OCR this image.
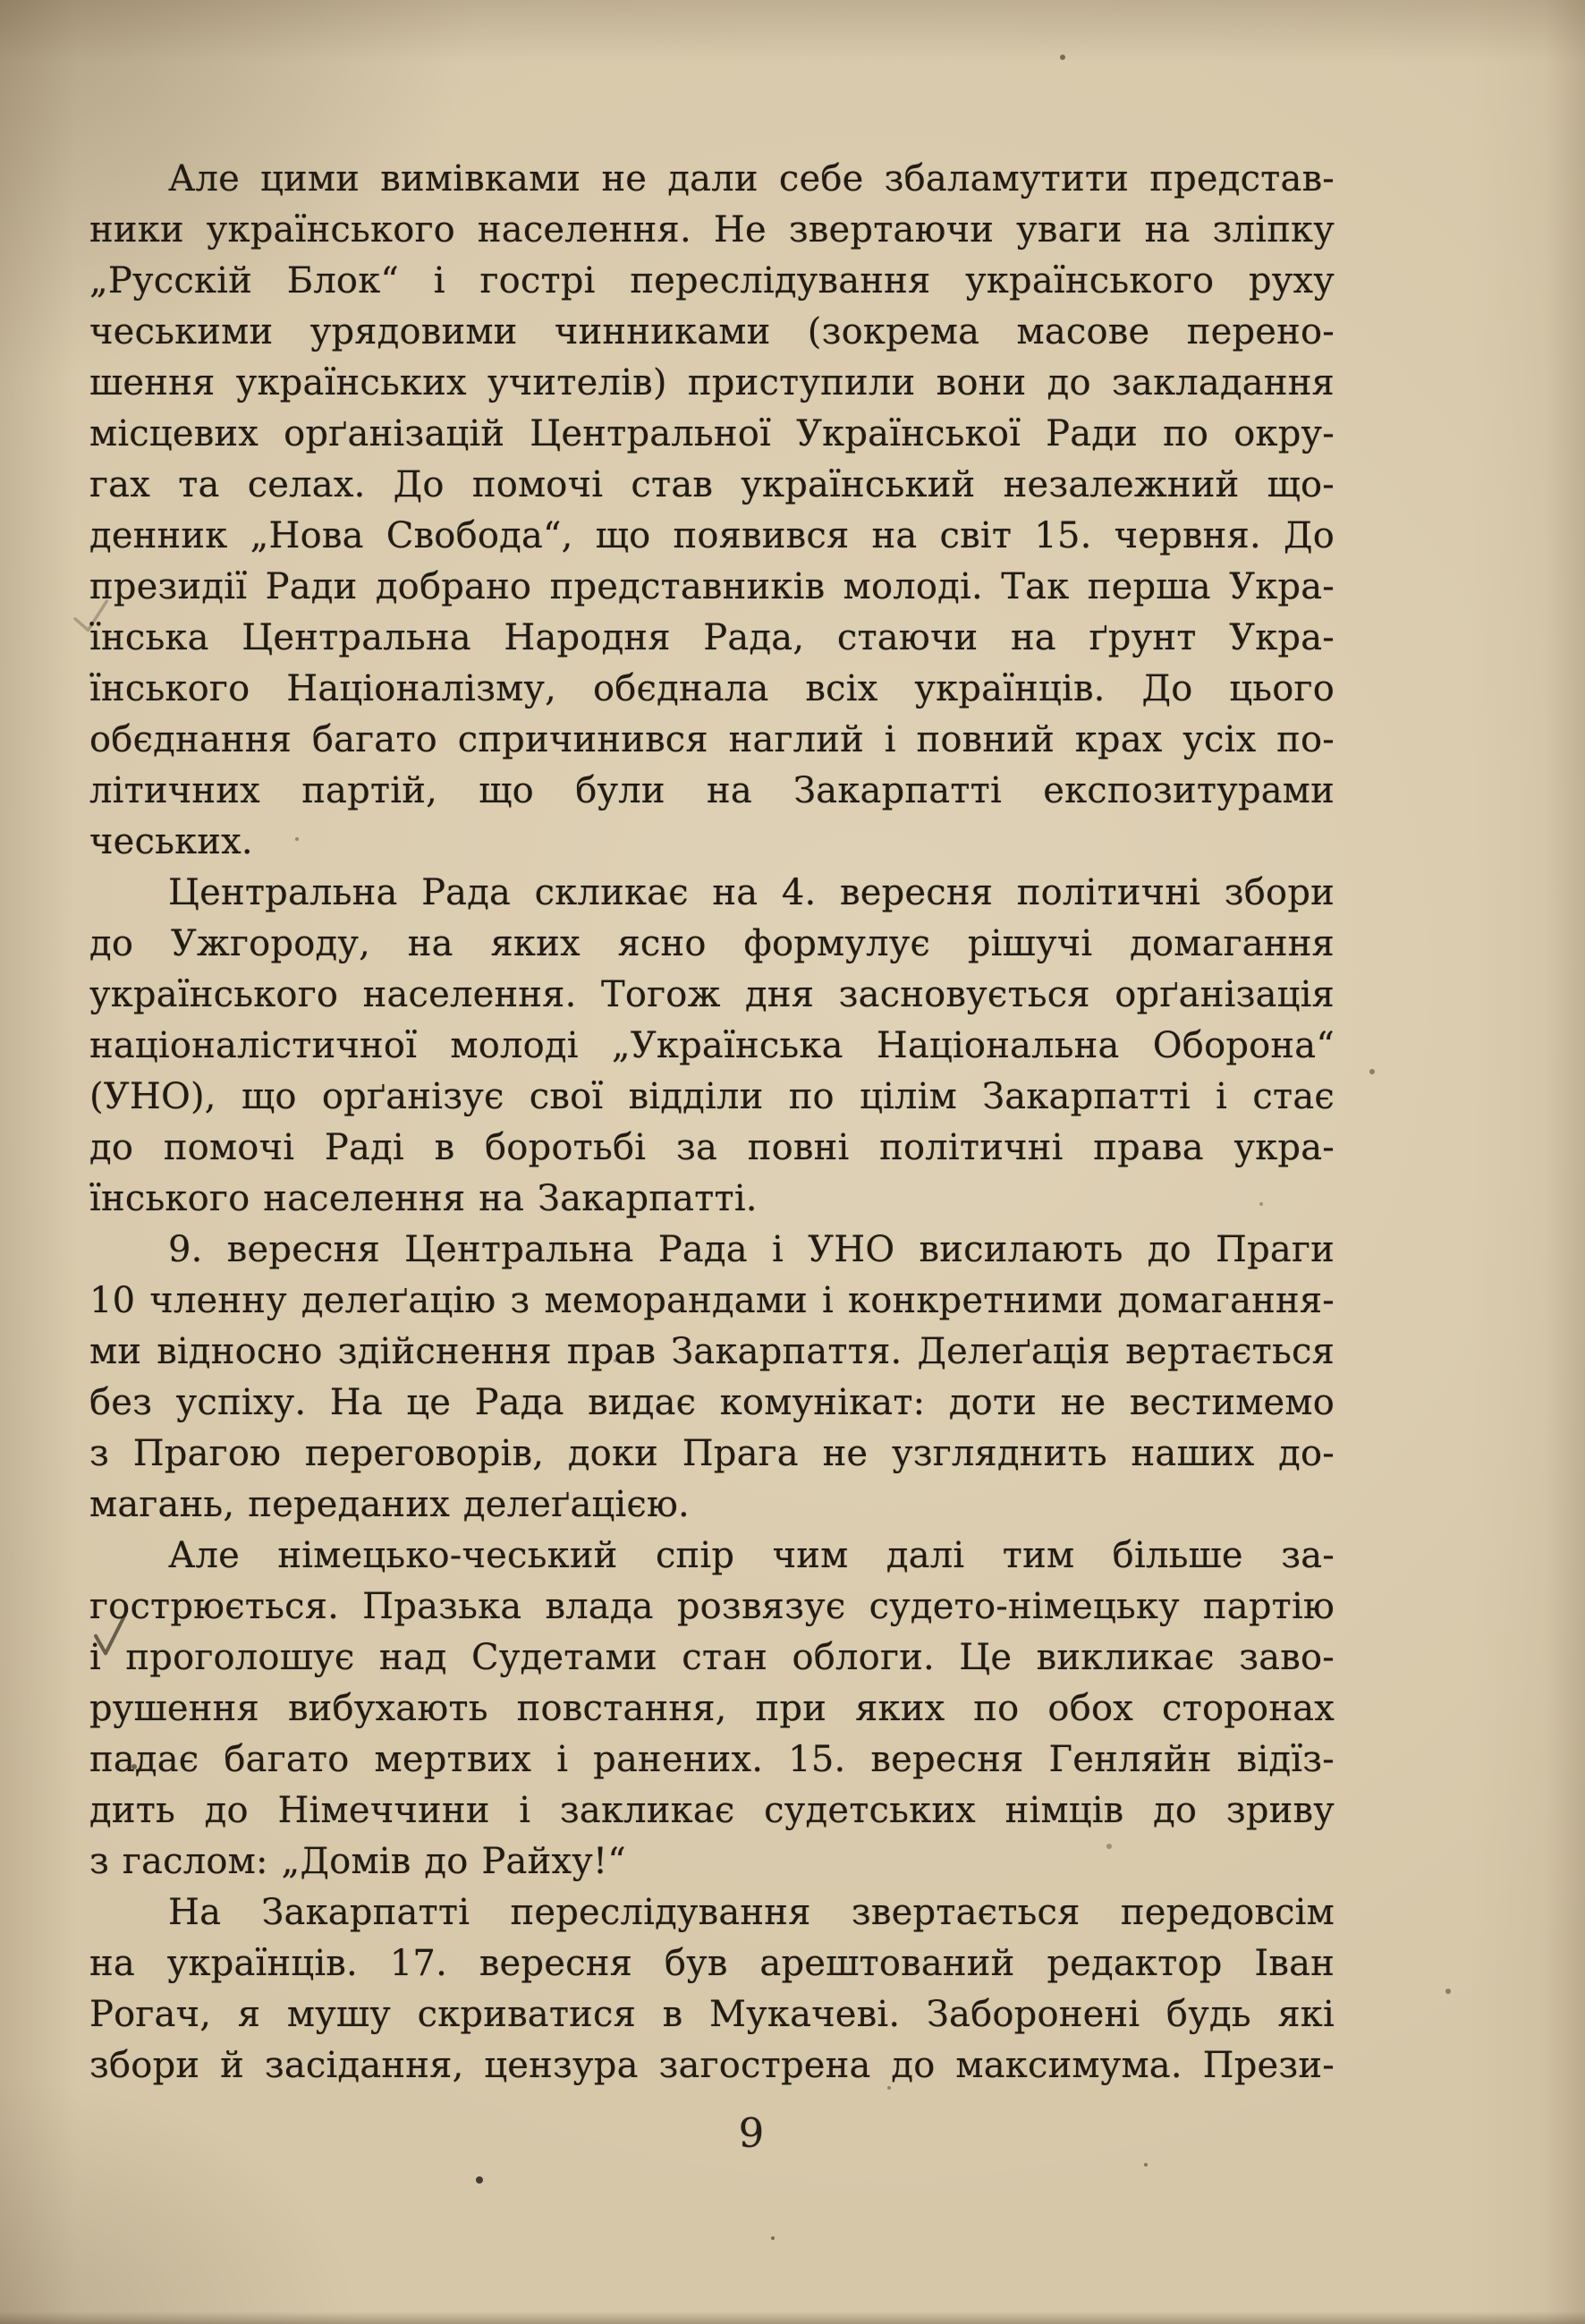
Але цими вимівками не дали себе збаламутити представ-
ники українського населення. Не звертаючи уваги на зліпку
„Русскій Блок“ і гострі переслідування українського руху
чеськими урядовими чинниками (зокрема масове перено-
шення українських учителів) приступили вони до закладання
місцевих орґанізацій Центральної Української Ради по окру-
гах та селах. До помочі став український незалежний що-
денник „Нова Свобода“, що появився на світ 15. червня. До
президії Ради добрано представників молоді. Так перша Укра-
їнська Центральна Народня Рада, стаючи на ґрунт Укра-
їнського Націоналізму, обєднала всіх українців. До цього
обєднання багато спричинився наглий і повний крах усіх по-
літичних партій, що були на Закарпатті експозитурами
чеських.
Центральна Рада скликає на 4. вересня політичні збори
до Ужгороду, на яких ясно формулує рішучі домагання
українського населення. Тогож дня засновується орґанізація
націоналістичної молоді „Українська Національна Оборона“
(УНО), що орґанізує свої відділи по цілім Закарпатті і стає
до помочі Раді в боротьбі за повні політичні права укра-
їнського населення на Закарпатті.
9. вересня Центральна Рада і УНО висилають до Праги
10 членну делеґацію з меморандами і конкретними домагання-
ми відносно здійснення прав Закарпаття. Делеґація вертається
без успіху. На це Рада видає комунікат: доти не вестимемо
з Прагою переговорів, доки Прага не узгляднить наших до-
магань, переданих делеґацією.
Але німецько-чеський спір чим далі тим більше за-
гострюється. Празька влада розвязує судето-німецьку партію
і проголошує над Судетами стан облоги. Це викликає заво-
рушення вибухають повстання, при яких по обох сторонах
падає багато мертвих і ранених. 15. вересня Генляйн відїз-
дить до Німеччини і закликає судетських німців до зриву
з гаслом: „Домів до Райху!“
На Закарпатті переслідування звертається передовсім
на українців. 17. вересня був арештований редактор Іван
Рогач, я мушу скриватися в Мукачеві. Заборонені будь які
збори й засідання, цензура загострена до максимума. Прези-
9
